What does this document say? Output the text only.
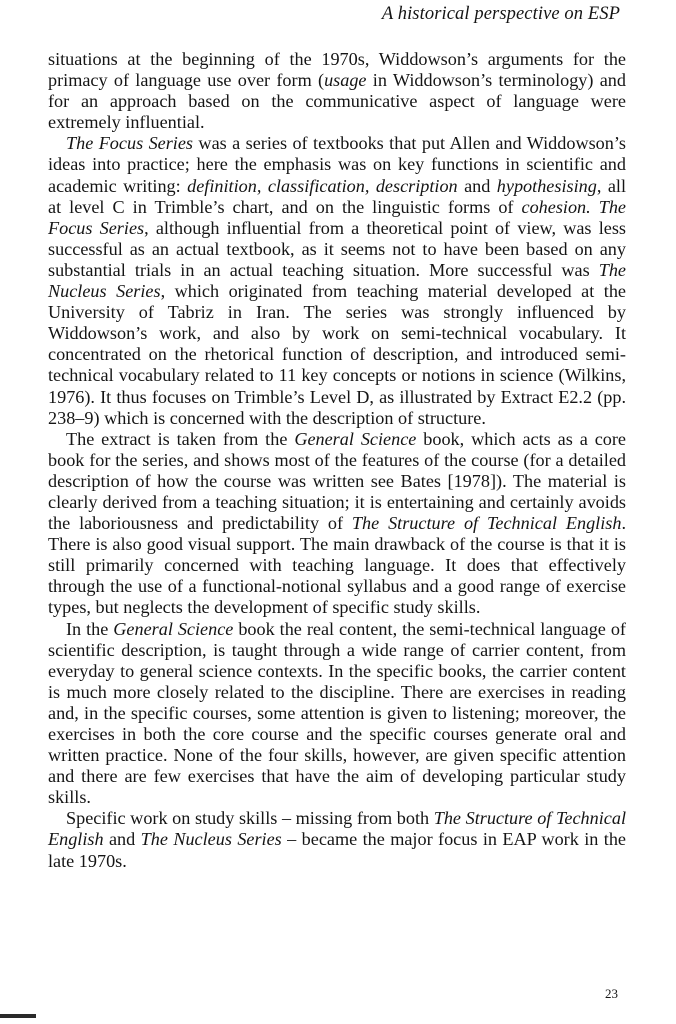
A historical perspective on ESP

situations at the beginning of the 1970s, Widdowson’s arguments for the primacy of language use over form (usage in Widdowson’s terminology) and for an approach based on the communicative aspect of language were extremely influential.

The Focus Series was a series of textbooks that put Allen and Widdowson’s ideas into practice; here the emphasis was on key functions in scientific and academic writing: definition, classification, description and hypothesising, all at level C in Trimble’s chart, and on the linguistic forms of cohesion. The Focus Series, although influential from a theoretical point of view, was less successful as an actual textbook, as it seems not to have been based on any substantial trials in an actual teaching situation. More successful was The Nucleus Series, which originated from teaching material developed at the University of Tabriz in Iran. The series was strongly influenced by Widdowson’s work, and also by work on semi-technical vocabulary. It concentrated on the rhetorical function of description, and introduced semi-technical vocabulary related to 11 key concepts or notions in science (Wilkins, 1976). It thus focuses on Trimble’s Level D, as illustrated by Extract E2.2 (pp. 238–9) which is concerned with the description of structure.

The extract is taken from the General Science book, which acts as a core book for the series, and shows most of the features of the course (for a detailed description of how the course was written see Bates [1978]). The material is clearly derived from a teaching situation; it is entertaining and certainly avoids the laboriousness and predictability of The Structure of Technical English. There is also good visual support. The main drawback of the course is that it is still primarily concerned with teaching language. It does that effectively through the use of a functional-notional syllabus and a good range of exercise types, but neglects the development of specific study skills.

In the General Science book the real content, the semi-technical language of scientific description, is taught through a wide range of carrier content, from everyday to general science contexts. In the specific books, the carrier content is much more closely related to the discipline. There are exercises in reading and, in the specific courses, some attention is given to listening; moreover, the exercises in both the core course and the specific courses generate oral and written practice. None of the four skills, however, are given specific attention and there are few exercises that have the aim of developing particular study skills.

Specific work on study skills – missing from both The Structure of Technical English and The Nucleus Series – became the major focus in EAP work in the late 1970s.

23
